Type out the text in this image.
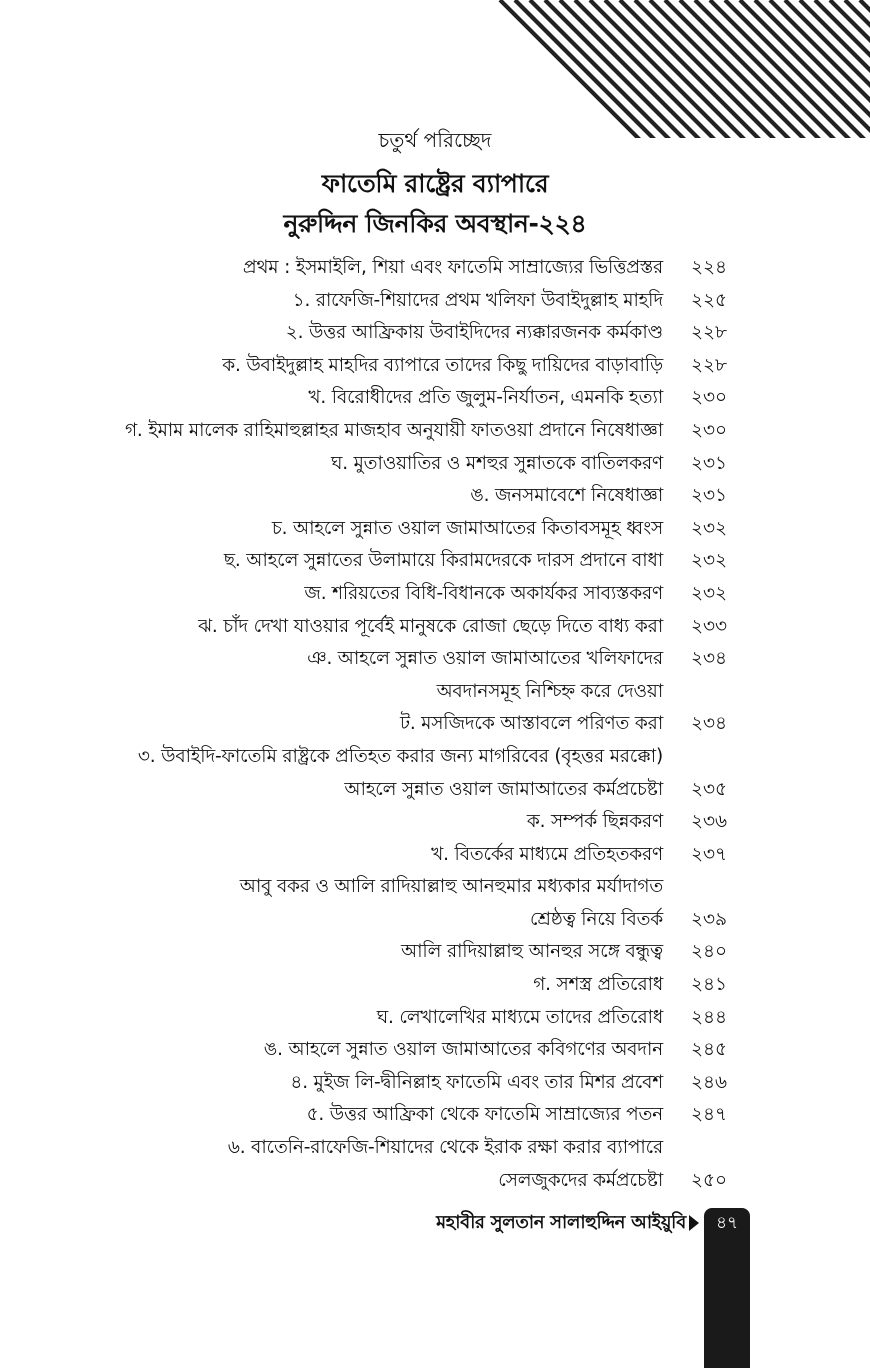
চতুর্থ পরিচ্ছেদ
ফাতেমি রাষ্ট্রের ব্যাপারে
নুরুদ্দিন জিনকির অবস্থান-২২৪
প্রথম : ইসমাইলি, শিয়া এবং ফাতেমি সাম্রাজ্যের ভিত্তিপ্রস্তর ২২৪
১. রাফেজি-শিয়াদের প্রথম খলিফা উবাইদুল্লাহ মাহদি ২২৫
২. উত্তর আফ্রিকায় উবাইদিদের ন্যক্কারজনক কর্মকাণ্ড ২২৮
ক. উবাইদুল্লাহ মাহদির ব্যাপারে তাদের কিছু দায়িদের বাড়াবাড়ি ২২৮
খ. বিরোধীদের প্রতি জুলুম-নির্যাতন, এমনকি হত্যা ২৩০
গ. ইমাম মালেক রাহিমাহুল্লাহর মাজহাব অনুযায়ী ফাতওয়া প্রদানে নিষেধাজ্ঞা ২৩০
ঘ. মুতাওয়াতির ও মশহুর সুন্নাতকে বাতিলকরণ ২৩১
ঙ. জনসমাবেশে নিষেধাজ্ঞা ২৩১
চ. আহলে সুন্নাত ওয়াল জামাআতের কিতাবসমূহ ধ্বংস ২৩২
ছ. আহলে সুন্নাতের উলামায়ে কিরামদেরকে দারস প্রদানে বাধা ২৩২
জ. শরিয়তের বিধি-বিধানকে অকার্যকর সাব্যস্তকরণ ২৩২
ঝ. চাঁদ দেখা যাওয়ার পূর্বেই মানুষকে রোজা ছেড়ে দিতে বাধ্য করা ২৩৩
ঞ. আহলে সুন্নাত ওয়াল জামাআতের খলিফাদের ২৩৪
অবদানসমূহ নিশ্চিহ্ন করে দেওয়া
ট. মসজিদকে আস্তাবলে পরিণত করা ২৩৪
৩. উবাইদি-ফাতেমি রাষ্ট্রকে প্রতিহত করার জন্য মাগরিবের (বৃহত্তর মরক্কো)
আহলে সুন্নাত ওয়াল জামাআতের কর্মপ্রচেষ্টা ২৩৫
ক. সম্পর্ক ছিন্নকরণ ২৩৬
খ. বিতর্কের মাধ্যমে প্রতিহতকরণ ২৩৭
আবু বকর ও আলি রাদিয়াল্লাহু আনহুমার মধ্যকার মর্যাদাগত
শ্রেষ্ঠত্ব নিয়ে বিতর্ক ২৩৯
আলি রাদিয়াল্লাহু আনহুর সঙ্গে বন্ধুত্ব ২৪০
গ. সশস্ত্র প্রতিরোধ ২৪১
ঘ. লেখালেখির মাধ্যমে তাদের প্রতিরোধ ২৪৪
ঙ. আহলে সুন্নাত ওয়াল জামাআতের কবিগণের অবদান ২৪৫
৪. মুইজ লি-দ্বীনিল্লাহ ফাতেমি এবং তার মিশর প্রবেশ ২৪৬
৫. উত্তর আফ্রিকা থেকে ফাতেমি সাম্রাজ্যের পতন ২৪৭
৬. বাতেনি-রাফেজি-শিয়াদের থেকে ইরাক রক্ষা করার ব্যাপারে
সেলজুকদের কর্মপ্রচেষ্টা ২৫০
মহাবীর সুলতান সালাহুদ্দিন আইয়ুবি	৪৭
